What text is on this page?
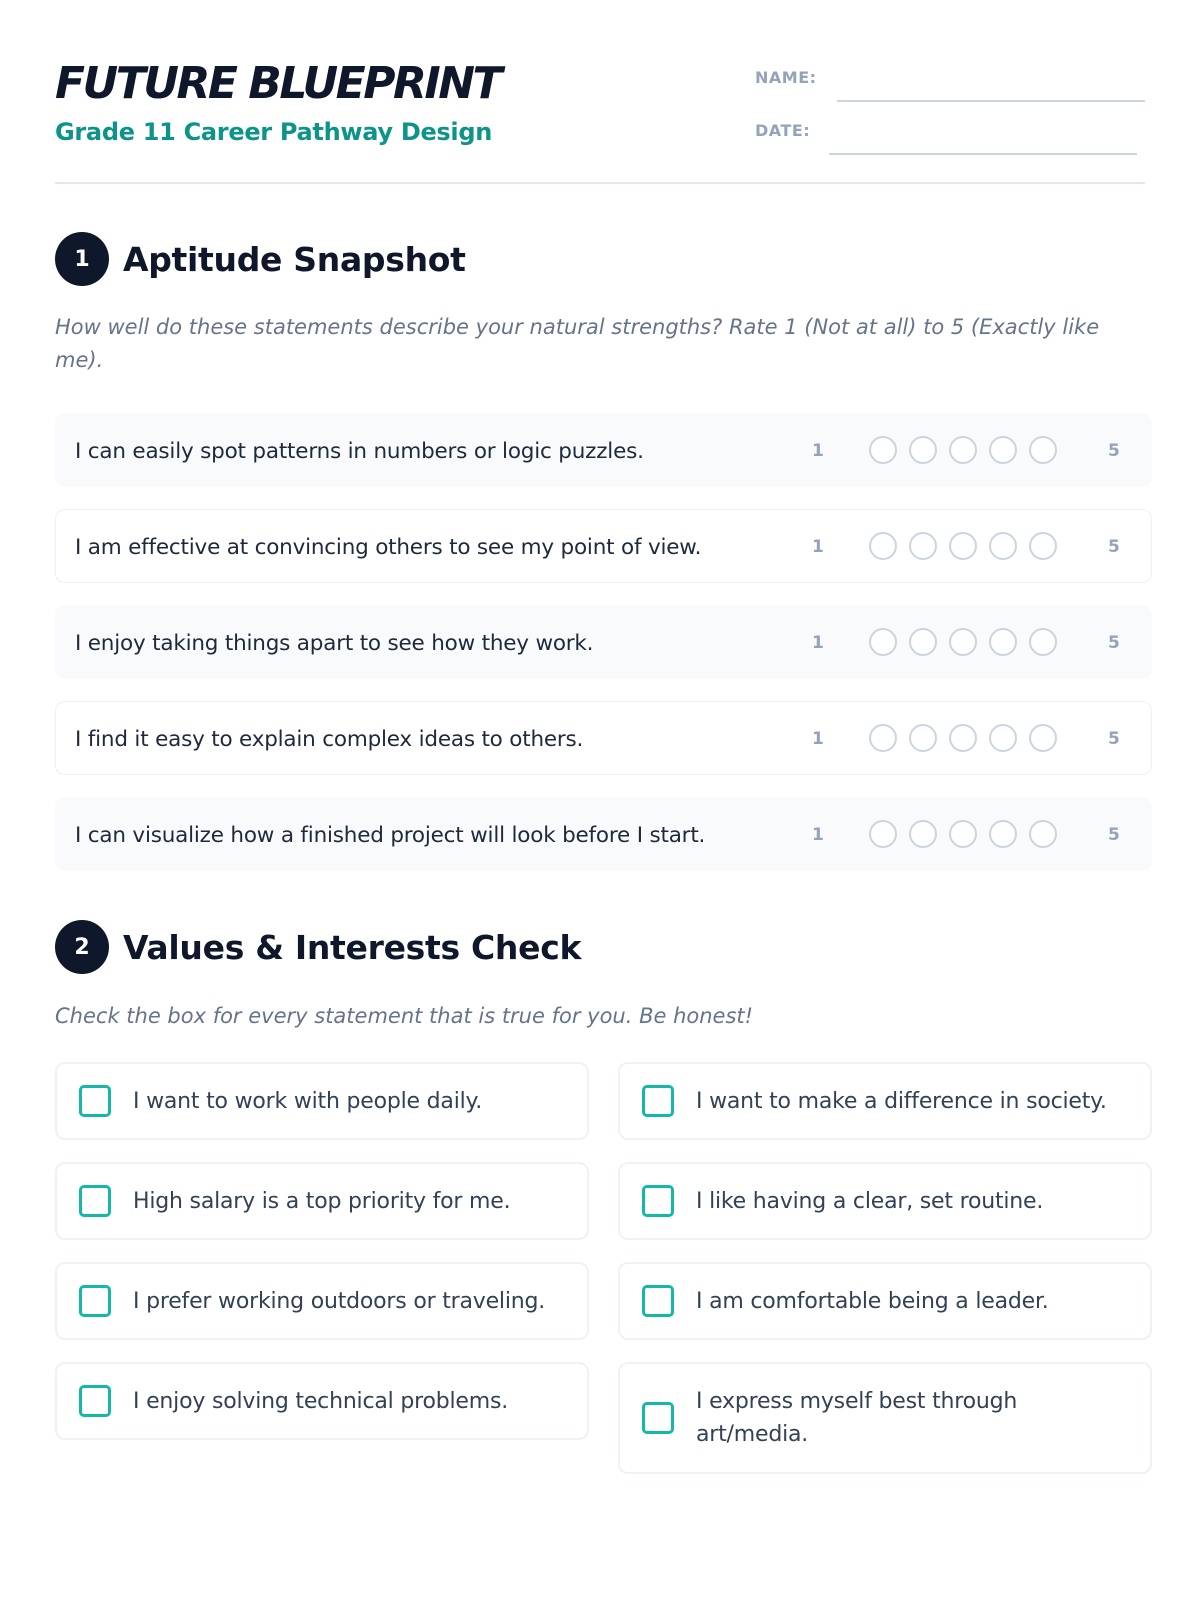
FUTURE BLUEPRINT
Grade 11 Career Pathway Design
NAME:
DATE:
1	Aptitude Snapshot
How well do these statements describe your natural strengths? Rate 1 (Not at all) to 5 (Exactly like me).
I can easily spot patterns in numbers or logic puzzles.	1	5
I am effective at convincing others to see my point of view.	1	5
I enjoy taking things apart to see how they work.	1	5
I find it easy to explain complex ideas to others.	1	5
I can visualize how a finished project will look before I start.	1	5
2	Values & Interests Check
Check the box for every statement that is true for you. Be honest!
I want to work with people daily.
High salary is a top priority for me.
I prefer working outdoors or traveling.
I enjoy solving technical problems.
I want to make a difference in society.
I like having a clear, set routine.
I am comfortable being a leader.
I express myself best through art/media.
